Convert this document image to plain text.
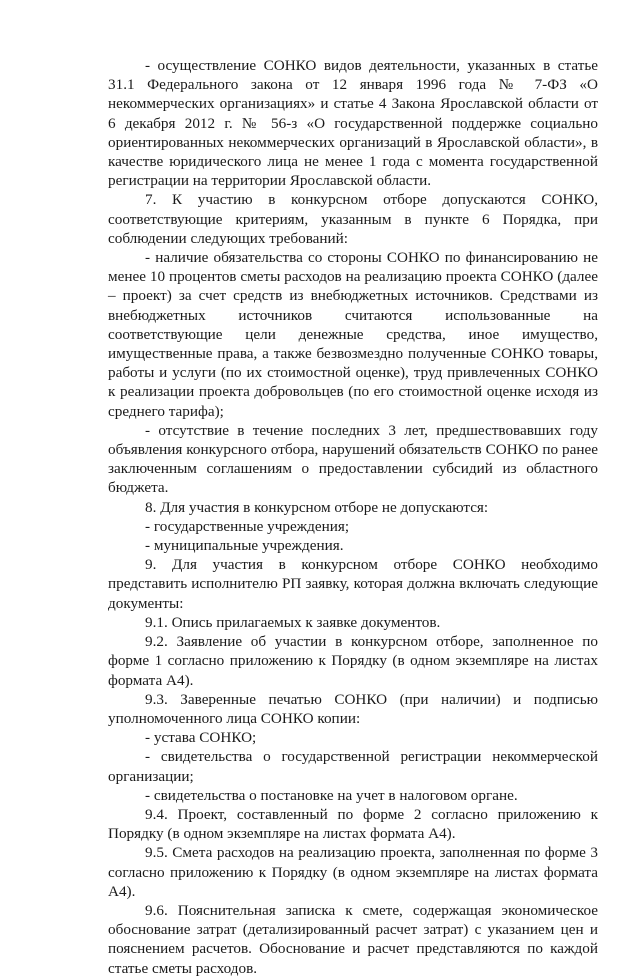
- осуществление СОНКО видов деятельности, указанных в статье 31.1 Федерального закона от 12 января 1996 года № 7-ФЗ «О некоммерческих организациях» и статье 4 Закона Ярославской области от 6 декабря 2012 г. № 56-з «О государственной поддержке социально ориентированных некоммерческих организаций в Ярославской области», в качестве юридического лица не менее 1 года с момента государственной регистрации на территории Ярославской области.

7. К участию в конкурсном отборе допускаются СОНКО, соответствующие критериям, указанным в пункте 6 Порядка, при соблюдении следующих требований:

- наличие обязательства со стороны СОНКО по финансированию не менее 10 процентов сметы расходов на реализацию проекта СОНКО (далее – проект) за счет средств из внебюджетных источников. Средствами из внебюджетных источников считаются использованные на соответствующие цели денежные средства, иное имущество, имущественные права, а также безвозмездно полученные СОНКО товары, работы и услуги (по их стоимостной оценке), труд привлеченных СОНКО к реализации проекта добровольцев (по его стоимостной оценке исходя из среднего тарифа);

- отсутствие в течение последних 3 лет, предшествовавших году объявления конкурсного отбора, нарушений обязательств СОНКО по ранее заключенным соглашениям о предоставлении субсидий из областного бюджета.

8. Для участия в конкурсном отборе не допускаются:

- государственные учреждения;

- муниципальные учреждения.

9. Для участия в конкурсном отборе СОНКО необходимо представить исполнителю РП заявку, которая должна включать следующие документы:

9.1. Опись прилагаемых к заявке документов.

9.2. Заявление об участии в конкурсном отборе, заполненное по форме 1 согласно приложению к Порядку (в одном экземпляре на листах формата А4).

9.3. Заверенные печатью СОНКО (при наличии) и подписью уполномоченного лица СОНКО копии:

- устава СОНКО;

- свидетельства о государственной регистрации некоммерческой организации;

- свидетельства о постановке на учет в налоговом органе.

9.4. Проект, составленный по форме 2 согласно приложению к Порядку (в одном экземпляре на листах формата А4).

9.5. Смета расходов на реализацию проекта, заполненная по форме 3 согласно приложению к Порядку (в одном экземпляре на листах формата А4).

9.6. Пояснительная записка к смете, содержащая экономическое обоснование затрат (детализированный расчет затрат) с указанием цен и пояснением расчетов. Обоснование и расчет представляются по каждой статье сметы расходов.
